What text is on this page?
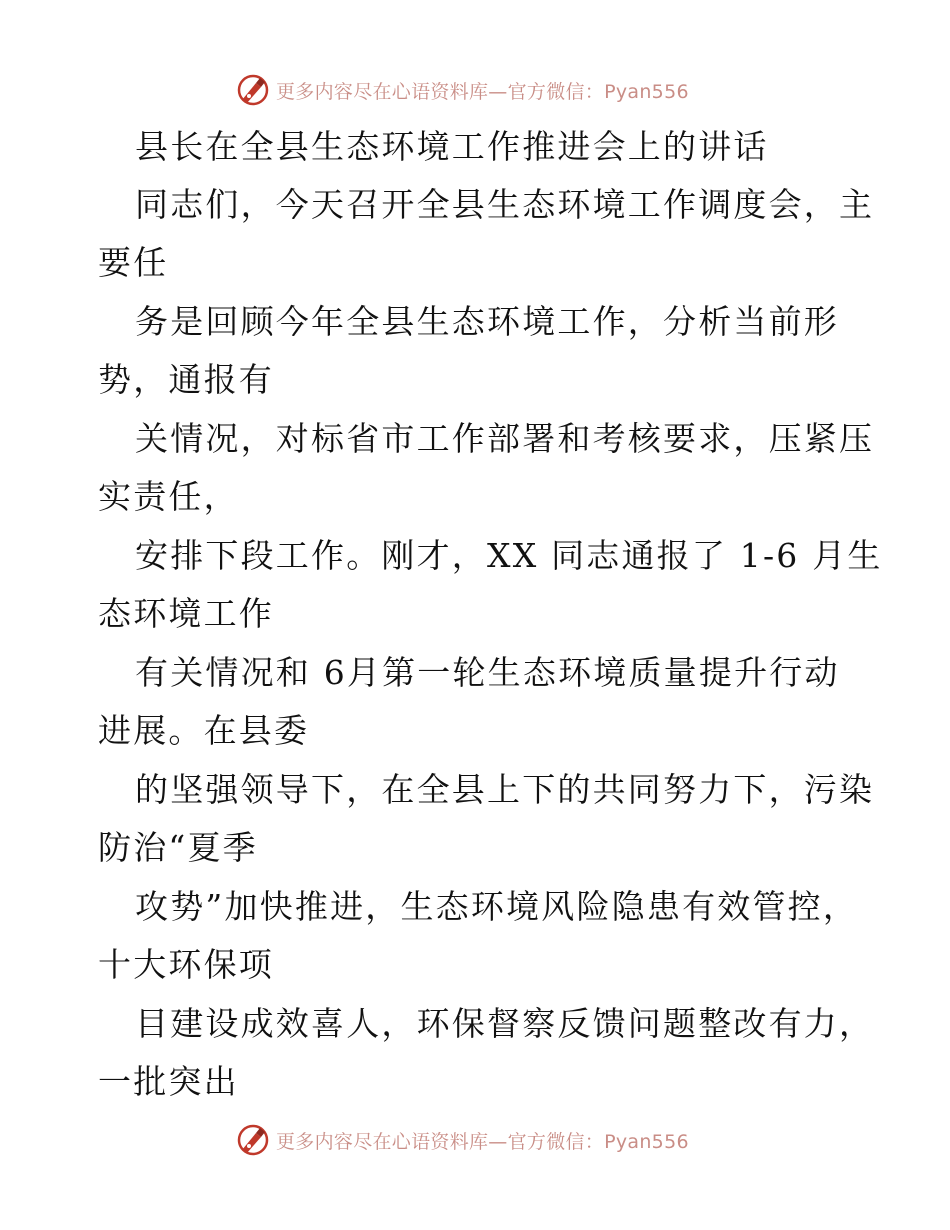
更多内容尽在心语资料库—官方微信：Pyan556
县长在全县生态环境工作推进会上的讲话
同志们，今天召开全县生态环境工作调度会，主
要任
务是回顾今年全县生态环境工作，分析当前形
势，通报有
关情况，对标省市工作部署和考核要求，压紧压
实责任，
安排下段工作。刚才，XX 同志通报了 1-6 月生
态环境工作
有关情况和 6月第一轮生态环境质量提升行动
进展。在县委
的坚强领导下，在全县上下的共同努力下，污染
防治“夏季
攻势”加快推进，生态环境风险隐患有效管控，
十大环保项
目建设成效喜人，环保督察反馈问题整改有力，
一批突出
更多内容尽在心语资料库—官方微信：Pyan556
